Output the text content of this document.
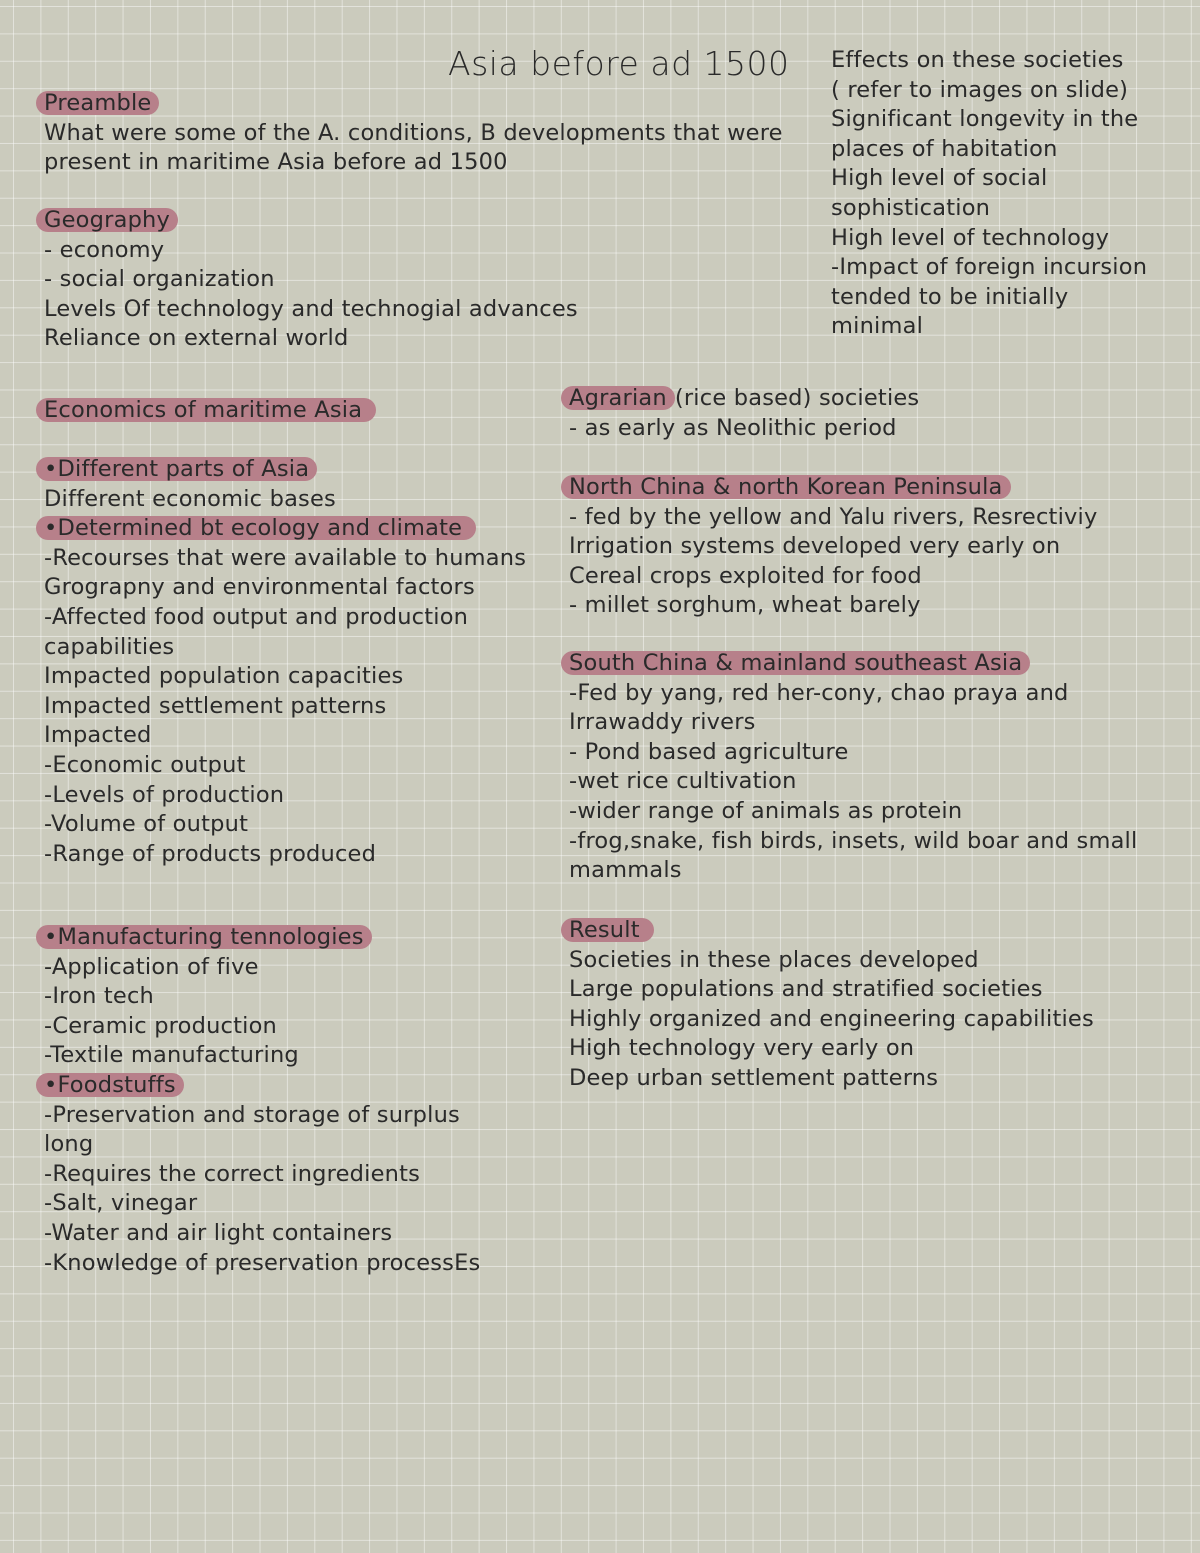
Asia before ad 1500 Effects on these societies
( refer to images on slide)
Significant longevity in the
places of habitation
High level of social
sophistication
High level of technology
-Impact of foreign incursion
tended to be initially
minimal
Preamble
What were some of the A. conditions, B developments that were
present in maritime Asia before ad 1500
Geography
- economy
- social organization
Levels Of technology and technogial advances
Reliance on external world
Economics of maritime Asia
•Different parts of Asia
Different economic bases
•Determined bt ecology and climate
-Recourses that were available to humans
Grograpny and environmental factors
-Affected food output and production
capabilities
Impacted population capacities
Impacted settlement patterns
Impacted
-Economic output
-Levels of production
-Volume of output
-Range of products produced
•Manufacturing tennologies
-Application of five
-Iron tech
-Ceramic production
-Textile manufacturing
•Foodstuffs
-Preservation and storage of surplus
long
-Requires the correct ingredients
-Salt, vinegar
-Water and air light containers
-Knowledge of preservation processEs
Agrarian (rice based) societies
- as early as Neolithic period
North China & north Korean Peninsula
- fed by the yellow and Yalu rivers, Resrectiviy
Irrigation systems developed very early on
Cereal crops exploited for food
- millet sorghum, wheat barely
South China & mainland southeast Asia
-Fed by yang, red her-cony, chao praya and
Irrawaddy rivers
- Pond based agriculture
-wet rice cultivation
-wider range of animals as protein
-frog,snake, fish birds, insets, wild boar and small
mammals
Result
Societies in these places developed
Large populations and stratified societies
Highly organized and engineering capabilities
High technology very early on
Deep urban settlement patterns
